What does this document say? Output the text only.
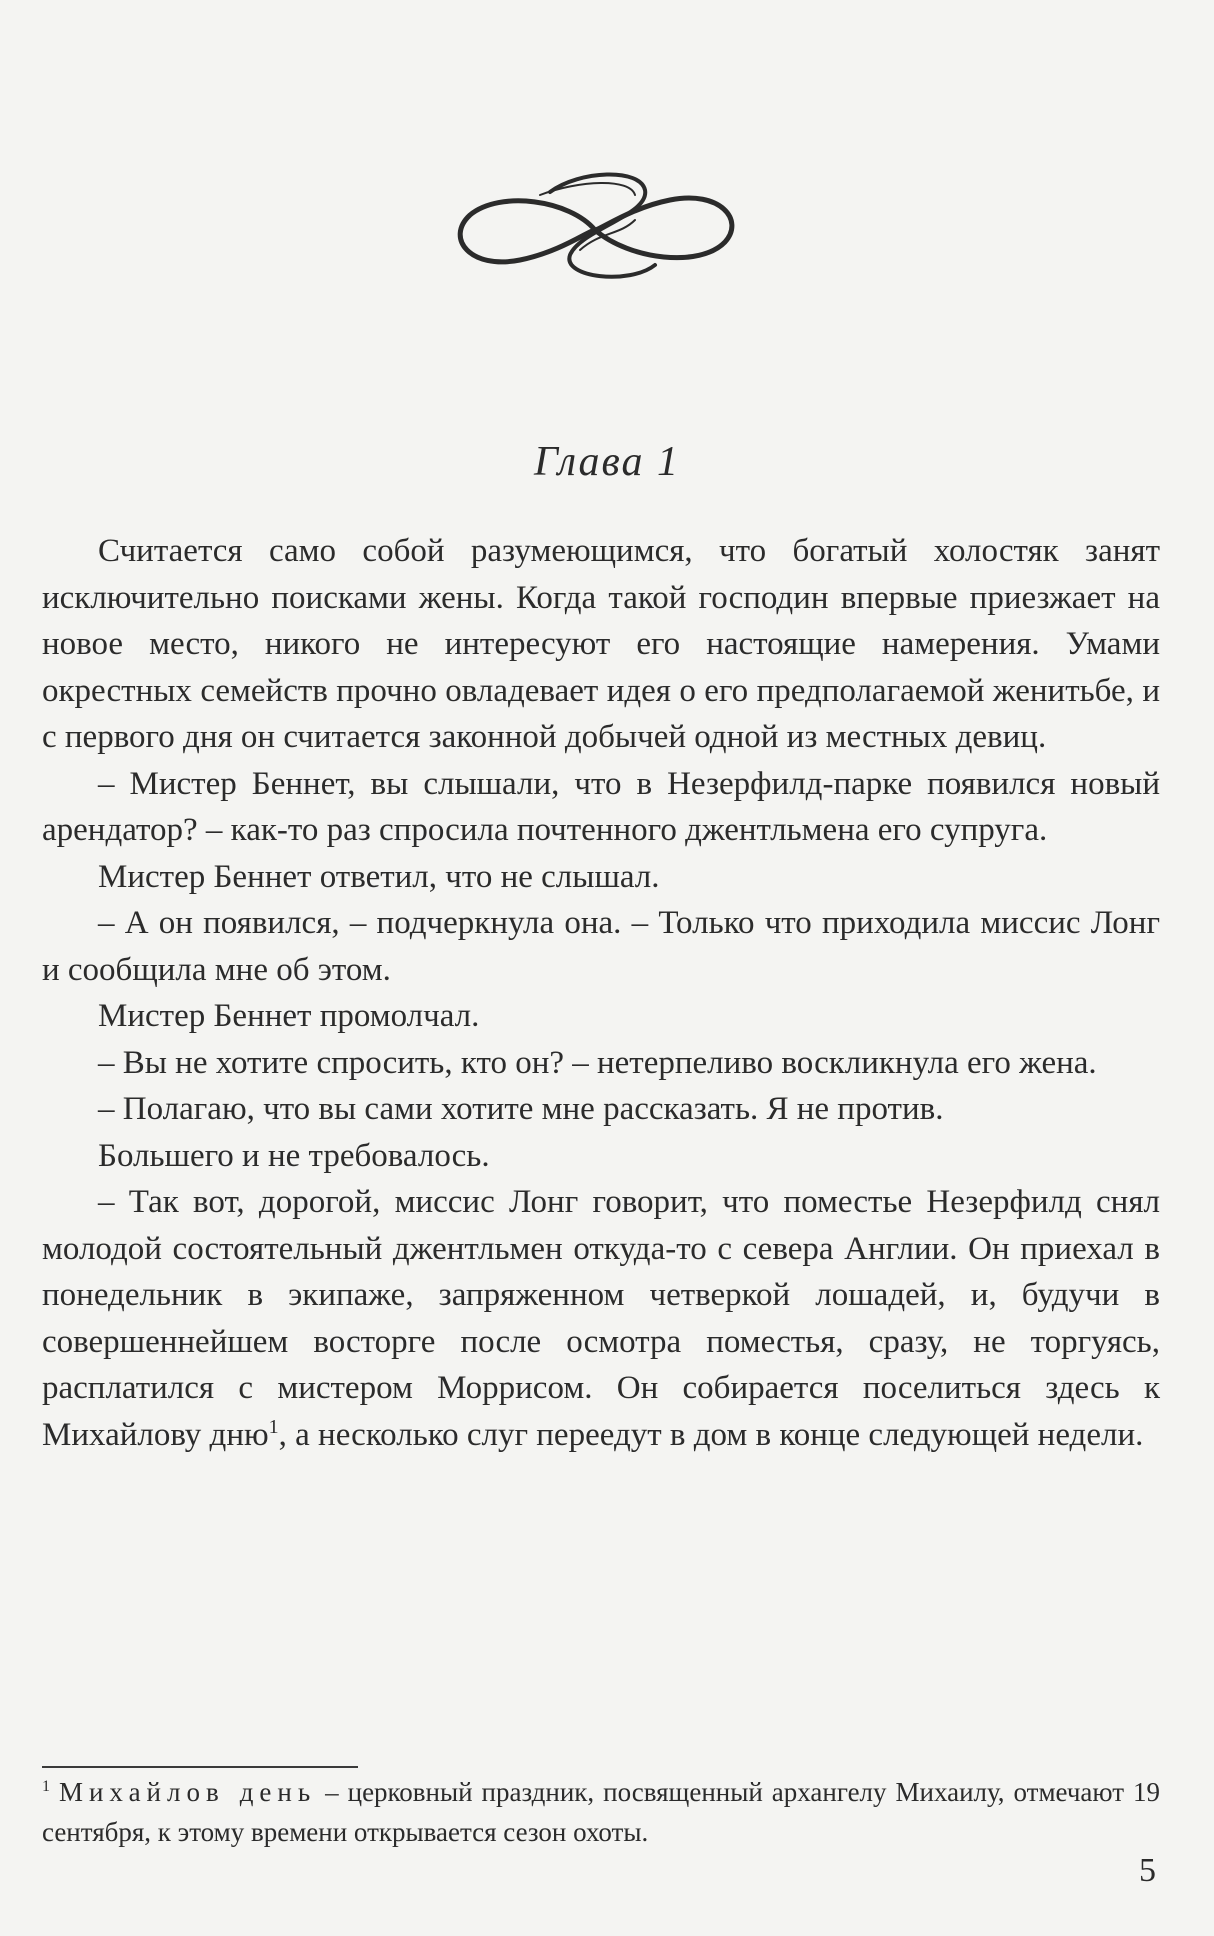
Глава 1

Считается само собой разумеющимся, что богатый холостяк занят исключительно поисками жены. Когда такой господин впервые приезжает на новое место, никого не интересуют его настоящие намерения. Умами окрестных семейств прочно овладевает идея о его предполагаемой женитьбе, и с первого дня он считается законной добычей одной из местных девиц.

– Мистер Беннет, вы слышали, что в Незерфилд-парке появился новый арендатор? – как-то раз спросила почтенного джентльмена его супруга.

Мистер Беннет ответил, что не слышал.

– А он появился, – подчеркнула она. – Только что приходила миссис Лонг и сообщила мне об этом.

Мистер Беннет промолчал.

– Вы не хотите спросить, кто он? – нетерпеливо воскликнула его жена.

– Полагаю, что вы сами хотите мне рассказать. Я не против.

Большего и не требовалось.

– Так вот, дорогой, миссис Лонг говорит, что поместье Незерфилд снял молодой состоятельный джентльмен откуда-то с севера Англии. Он приехал в понедельник в экипаже, запряженном четверкой лошадей, и, будучи в совершеннейшем восторге после осмотра поместья, сразу, не торгуясь, расплатился с мистером Моррисом. Он собирается поселиться здесь к Михайлову дню$^1$, а несколько слуг переедут в дом в конце следующей недели.

$^1$ Михайлов день – церковный праздник, посвященный архангелу Михаилу, отмечают 19 сентября, к этому времени открывается сезон охоты.

5
